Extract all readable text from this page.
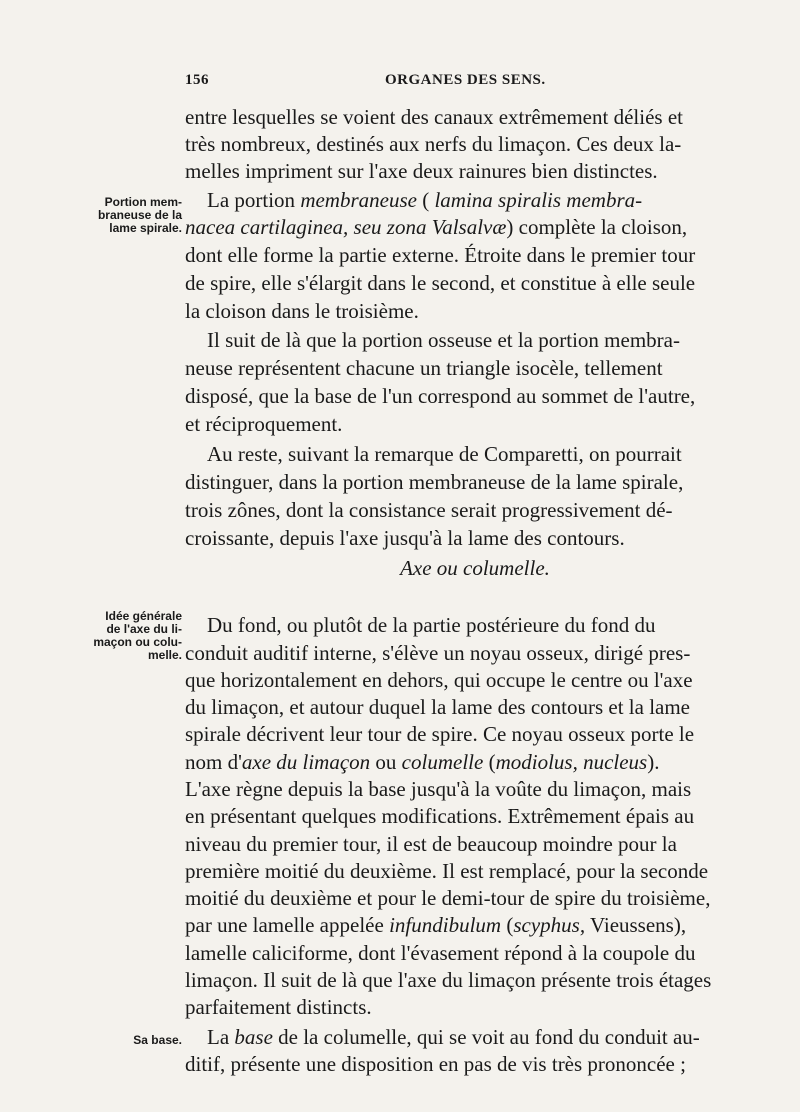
156	ORGANES DES SENS.
Portion mem-
braneuse de la
lame spirale.
Idée générale
de l'axe du li-
maçon ou colu-
melle.
Sa base.
entre lesquelles se voient des canaux extrêmement déliés et
très nombreux, destinés aux nerfs du limaçon. Ces deux la-
melles impriment sur l'axe deux rainures bien distinctes.
La portion membraneuse ( lamina spiralis membra-
nacea cartilaginea, seu zona Valsalvæ) complète la cloison,
dont elle forme la partie externe. Étroite dans le premier tour
de spire, elle s'élargit dans le second, et constitue à elle seule
la cloison dans le troisième.
Il suit de là que la portion osseuse et la portion membra-
neuse représentent chacune un triangle isocèle, tellement
disposé, que la base de l'un correspond au sommet de l'autre,
et réciproquement.
Au reste, suivant la remarque de Comparetti, on pourrait
distinguer, dans la portion membraneuse de la lame spirale,
trois zônes, dont la consistance serait progressivement dé-
croissante, depuis l'axe jusqu'à la lame des contours.
Axe ou columelle.
Du fond, ou plutôt de la partie postérieure du fond du
conduit auditif interne, s'élève un noyau osseux, dirigé pres-
que horizontalement en dehors, qui occupe le centre ou l'axe
du limaçon, et autour duquel la lame des contours et la lame
spirale décrivent leur tour de spire. Ce noyau osseux porte le
nom d'axe du limaçon ou columelle (modiolus, nucleus).
L'axe règne depuis la base jusqu'à la voûte du limaçon, mais
en présentant quelques modifications. Extrêmement épais au
niveau du premier tour, il est de beaucoup moindre pour la
première moitié du deuxième. Il est remplacé, pour la seconde
moitié du deuxième et pour le demi-tour de spire du troisième,
par une lamelle appelée infundibulum (scyphus, Vieussens),
lamelle caliciforme, dont l'évasement répond à la coupole du
limaçon. Il suit de là que l'axe du limaçon présente trois étages
parfaitement distincts.
La base de la columelle, qui se voit au fond du conduit au-
ditif, présente une disposition en pas de vis très prononcée ;
